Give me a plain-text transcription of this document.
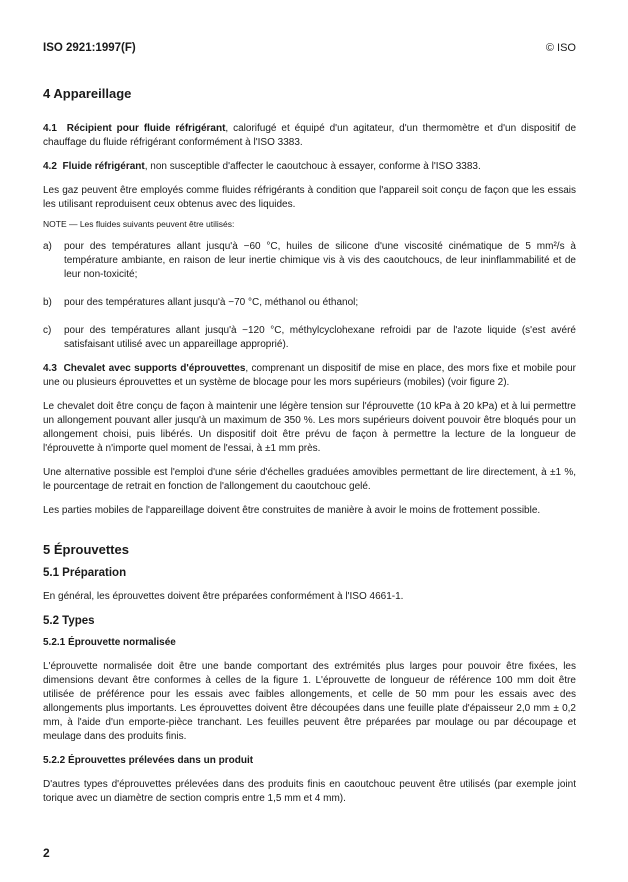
ISO 2921:1997(F)	© ISO
4 Appareillage

4.1 Récipient pour fluide réfrigérant, calorifugé et équipé d'un agitateur, d'un thermomètre et d'un dispositif de chauffage du fluide réfrigérant conformément à l'ISO 3383.

4.2 Fluide réfrigérant, non susceptible d'affecter le caoutchouc à essayer, conforme à l'ISO 3383.

Les gaz peuvent être employés comme fluides réfrigérants à condition que l'appareil soit conçu de façon que les essais les utilisant reproduisent ceux obtenus avec des liquides.

NOTE — Les fluides suivants peuvent être utilisés:

a)	pour des températures allant jusqu'à −60 °C, huiles de silicone d'une viscosité cinématique de 5 mm²/s à température ambiante, en raison de leur inertie chimique vis à vis des caoutchoucs, de leur ininflammabilité et de leur non-toxicité;
b)	pour des températures allant jusqu'à −70 °C, méthanol ou éthanol;
c)	pour des températures allant jusqu'à −120 °C, méthylcyclohexane refroidi par de l'azote liquide (s'est avéré satisfaisant utilisé avec un appareillage approprié).

4.3 Chevalet avec supports d'éprouvettes, comprenant un dispositif de mise en place, des mors fixe et mobile pour une ou plusieurs éprouvettes et un système de blocage pour les mors supérieurs (mobiles) (voir figure 2).

Le chevalet doit être conçu de façon à maintenir une légère tension sur l'éprouvette (10 kPa à 20 kPa) et à lui permettre un allongement pouvant aller jusqu'à un maximum de 350 %. Les mors supérieurs doivent pouvoir être bloqués pour un allongement choisi, puis libérés. Un dispositif doit être prévu de façon à permettre la lecture de la longueur de l'éprouvette à n'importe quel moment de l'essai, à ±1 mm près.

Une alternative possible est l'emploi d'une série d'échelles graduées amovibles permettant de lire directement, à ±1 %, le pourcentage de retrait en fonction de l'allongement du caoutchouc gelé.

Les parties mobiles de l'appareillage doivent être construites de manière à avoir le moins de frottement possible.

5 Éprouvettes
5.1 Préparation

En général, les éprouvettes doivent être préparées conformément à l'ISO 4661-1.

5.2 Types
5.2.1 Éprouvette normalisée

L'éprouvette normalisée doit être une bande comportant des extrémités plus larges pour pouvoir être fixées, les dimensions devant être conformes à celles de la figure 1. L'éprouvette de longueur de référence 100 mm doit être utilisée de préférence pour les essais avec faibles allongements, et celle de 50 mm pour les essais avec des allongements plus importants. Les éprouvettes doivent être découpées dans une feuille plate d'épaisseur 2,0 mm ± 0,2 mm, à l'aide d'un emporte-pièce tranchant. Les feuilles peuvent être préparées par moulage ou par découpage et meulage dans des produits finis.

5.2.2 Éprouvettes prélevées dans un produit

D'autres types d'éprouvettes prélevées dans des produits finis en caoutchouc peuvent être utilisés (par exemple joint torique avec un diamètre de section compris entre 1,5 mm et 4 mm).

2
